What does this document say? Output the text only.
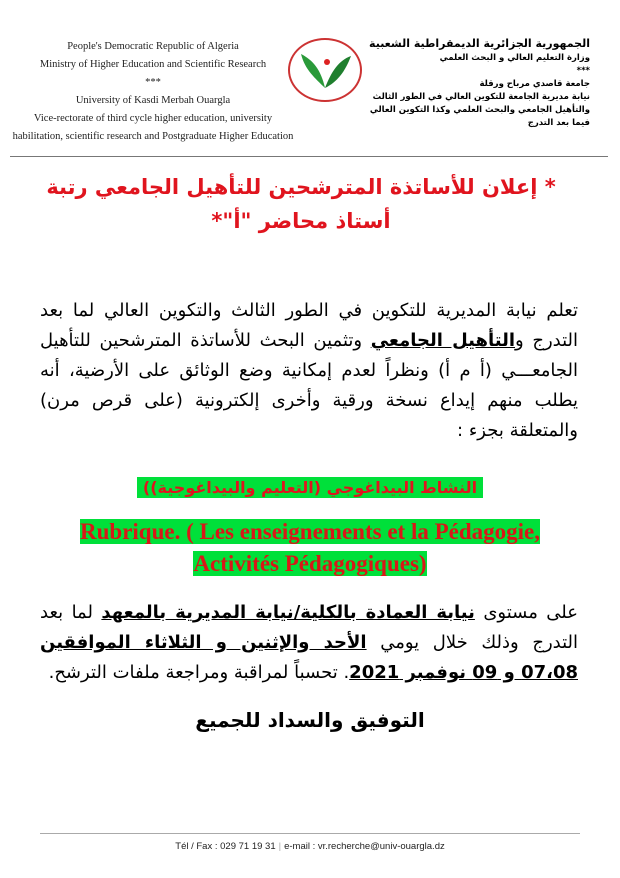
People's Democratic Republic of Algeria
Ministry of Higher Education and Scientific Research
***
University of Kasdi Merbah Ouargla
Vice-rectorate of third cycle higher education, university habilitation, scientific research and Postgraduate Higher Education
الجمهورية الجزائرية الديمقراطية الشعبية
وزارة التعليم العالي و البحث العلمي
***
جامعة قاصدي مرباح ورقلة
نيابة مديرية الجامعة للتكوين العالي في الطور الثالث والتأهيل الجامعي والبحث العلمي وكذا التكوين العالي فيما بعد التدرج
* إعلان للأساتذة المترشحين للتأهيل الجامعي رتبة أستاذ محاضر "أ"*
تعلم نيابة المديرية للتكوين في الطور الثالث والتكوين العالي لما بعد التدرج والتأهيل الجامعي وتثمين البحث للأساتذة المترشحين للتأهيل الجامعـــي (أ م أ) ونظراً لعدم إمكانية وضع الوثائق على الأرضية، أنه يطلب منهم إيداع نسخة ورقية وأخرى إلكترونية (على قرص مرن) والمتعلقة بجزء :
(النشاط البيداغوجي (التعليم والبيداغوجية)
Rubrique. ( Les enseignements et la Pédagogie, Activités Pédagogiques)
على مستوى نيابة العمادة بالكلية/نيابة المديرية بالمعهد لما بعد التدرج وذلك خلال يومي الأحد والإثنين و الثلاثاء الموافقين 07،08 و 09 نوفمبر 2021. تحسباً لمراقبة ومراجعة ملفات الترشح.
التوفيق والسداد للجميع
Tél / Fax : 029 71 19 31 | e-mail : vr.recherche@univ-ouargla.dz
